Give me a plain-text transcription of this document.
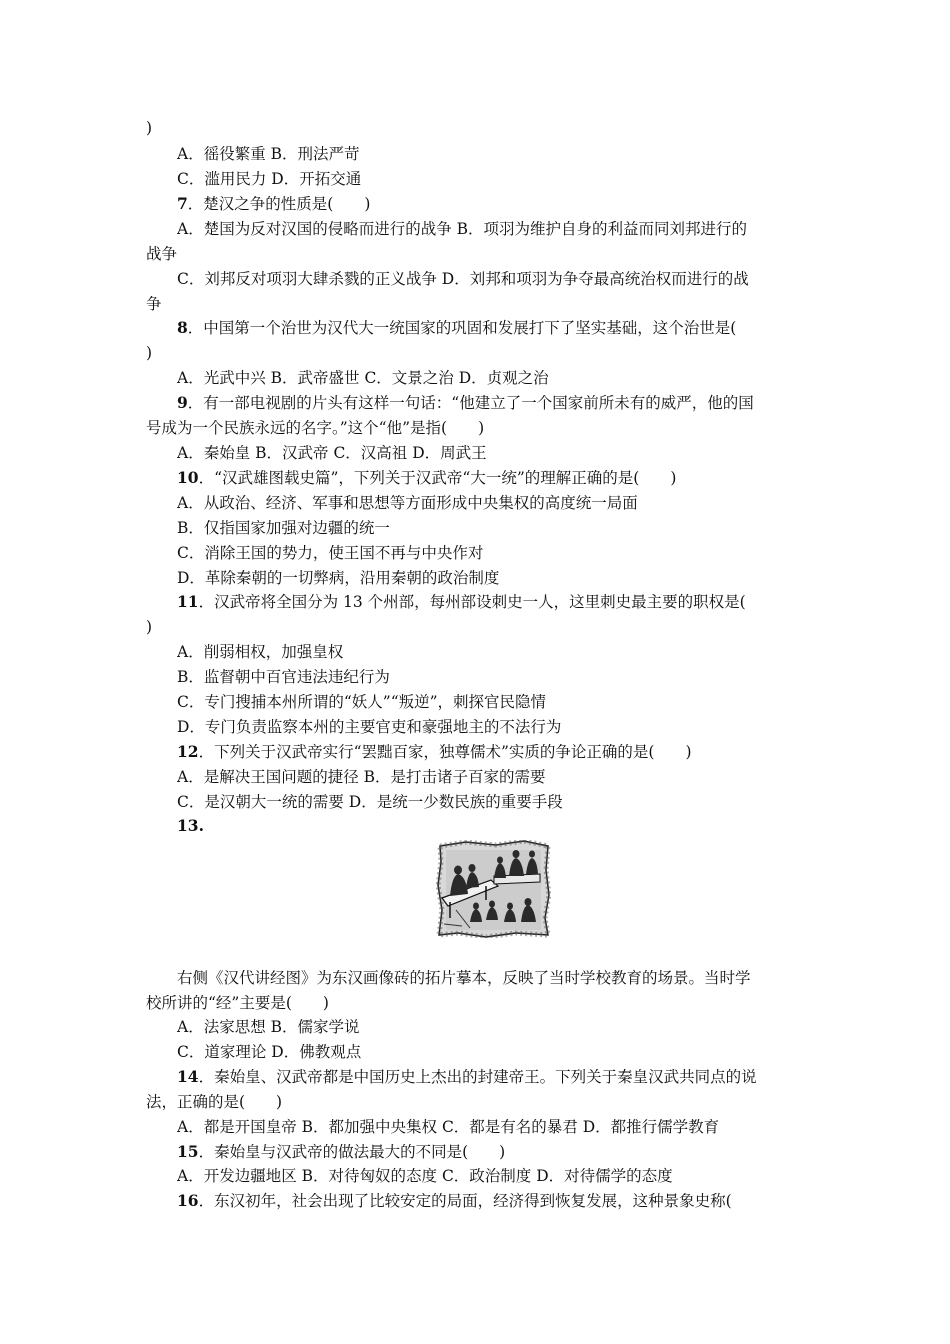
)
A．徭役繁重 B．刑法严苛
C．滥用民力 D．开拓交通
7．楚汉之争的性质是(　　)
A．楚国为反对汉国的侵略而进行的战争 B．项羽为维护自身的利益而同刘邦进行的
战争
C．刘邦反对项羽大肆杀戮的正义战争 D．刘邦和项羽为争夺最高统治权而进行的战
争
8．中国第一个治世为汉代大一统国家的巩固和发展打下了坚实基础，这个治世是(
)
A．光武中兴 B．武帝盛世 C．文景之治 D．贞观之治
9．有一部电视剧的片头有这样一句话：“他建立了一个国家前所未有的威严，他的国
号成为一个民族永远的名字。”这个“他”是指(　　)
A．秦始皇 B．汉武帝 C．汉高祖 D．周武王
10．“汉武雄图载史篇”，下列关于汉武帝“大一统”的理解正确的是(　　)
A．从政治、经济、军事和思想等方面形成中央集权的高度统一局面
B．仅指国家加强对边疆的统一
C．消除王国的势力，使王国不再与中央作对
D．革除秦朝的一切弊病，沿用秦朝的政治制度
11．汉武帝将全国分为 13 个州部，每州部设刺史一人，这里刺史最主要的职权是(
)
A．削弱相权，加强皇权
B．监督朝中百官违法违纪行为
C．专门搜捕本州所谓的“妖人”“叛逆”，刺探官民隐情
D．专门负责监察本州的主要官吏和豪强地主的不法行为
12．下列关于汉武帝实行“罢黜百家，独尊儒术”实质的争论正确的是(　　)
A．是解决王国问题的捷径 B．是打击诸子百家的需要
C．是汉朝大一统的需要 D．是统一少数民族的重要手段
13.
右侧《汉代讲经图》为东汉画像砖的拓片摹本，反映了当时学校教育的场景。当时学
校所讲的“经”主要是(　　)
A．法家思想 B．儒家学说
C．道家理论 D．佛教观点
14．秦始皇、汉武帝都是中国历史上杰出的封建帝王。下列关于秦皇汉武共同点的说
法，正确的是(　　)
A．都是开国皇帝 B．都加强中央集权 C．都是有名的暴君 D．都推行儒学教育
15．秦始皇与汉武帝的做法最大的不同是(　　)
A．开发边疆地区 B．对待匈奴的态度 C．政治制度 D．对待儒学的态度
16．东汉初年，社会出现了比较安定的局面，经济得到恢复发展，这种景象史称(
